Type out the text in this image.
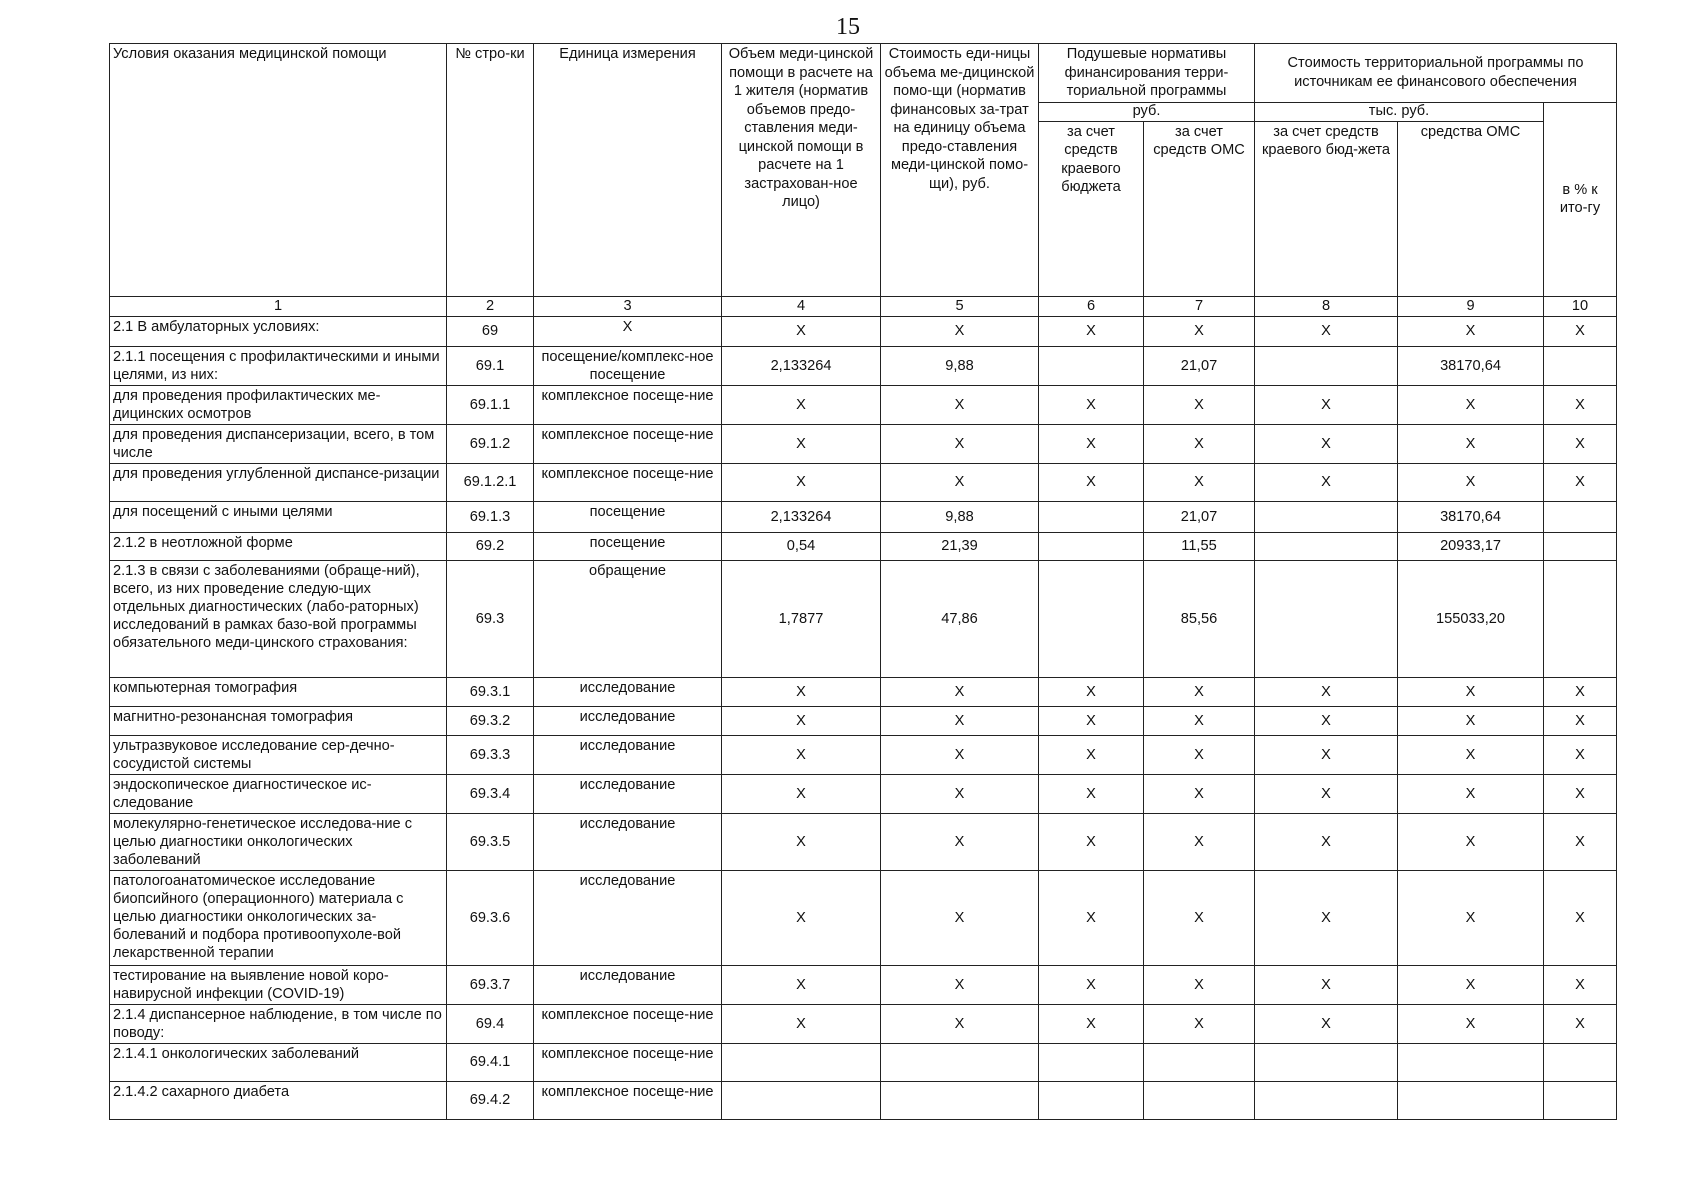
15
Условия оказания медицинской помощи	№ стро-ки	Единица измерения	Объем меди-цинской помощи в расчете на 1 жителя (норматив объемов предо-ставления меди-цинской помощи в расчете на 1 застрахован-ное лицо)	Стоимость еди-ницы объема ме-дицинской помо-щи (норматив финансовых за-трат на единицу объема предо-ставления меди-цинской помо-щи), руб.	Подушевые нормативы финансирования терри-ториальной программы		Стоимость территориальной программы по источникам ее финансового обеспечения		
					руб.		тыс. руб.		в % к ито-гу
					за счет средств краевого бюджета	за счет средств ОМС	за счет средств краевого бюд-жета	средства ОМС	
1	2	3	4	5	6	7	8	9	10
2.1 В амбулаторных условиях:	69	X	X	X	X	X	X	X	X
2.1.1 посещения с профилактическими и иными целями, из них:	69.1	посещение/комплекс-ное посещение	2,133264	9,88		21,07		38170,64	
для проведения профилактических ме-дицинских осмотров	69.1.1	комплексное посеще-ние	X	X	X	X	X	X	X
для проведения диспансеризации, всего, в том числе	69.1.2	комплексное посеще-ние	X	X	X	X	X	X	X
для проведения углубленной диспансе-ризации	69.1.2.1	комплексное посеще-ние	X	X	X	X	X	X	X
для посещений с иными целями	69.1.3	посещение	2,133264	9,88		21,07		38170,64	
2.1.2 в неотложной форме	69.2	посещение	0,54	21,39		11,55		20933,17	
2.1.3 в связи с заболеваниями (обраще-ний), всего, из них проведение следую-щих отдельных диагностических (лабо-раторных) исследований в рамках базо-вой программы обязательного меди-цинского страхования:	69.3	обращение	1,7877	47,86		85,56		155033,20	
компьютерная томография	69.3.1	исследование	X	X	X	X	X	X	X
магнитно-резонансная томография	69.3.2	исследование	X	X	X	X	X	X	X
ультразвуковое исследование сер-дечно-сосудистой системы	69.3.3	исследование	X	X	X	X	X	X	X
эндоскопическое диагностическое ис-следование	69.3.4	исследование	X	X	X	X	X	X	X
молекулярно-генетическое исследова-ние с целью диагностики онкологических заболеваний	69.3.5	исследование	X	X	X	X	X	X	X
патологоанатомическое исследование биопсийного (операционного) материала с целью диагностики онкологических за-болеваний и подбора противоопухоле-вой лекарственной терапии	69.3.6	исследование	X	X	X	X	X	X	X
тестирование на выявление новой коро-навирусной инфекции (COVID-19)	69.3.7	исследование	X	X	X	X	X	X	X
2.1.4 диспансерное наблюдение, в том числе по поводу:	69.4	комплексное посеще-ние	X	X	X	X	X	X	X
2.1.4.1 онкологических заболеваний	69.4.1	комплексное посеще-ние							
2.1.4.2 сахарного диабета	69.4.2	комплексное посеще-ние							
